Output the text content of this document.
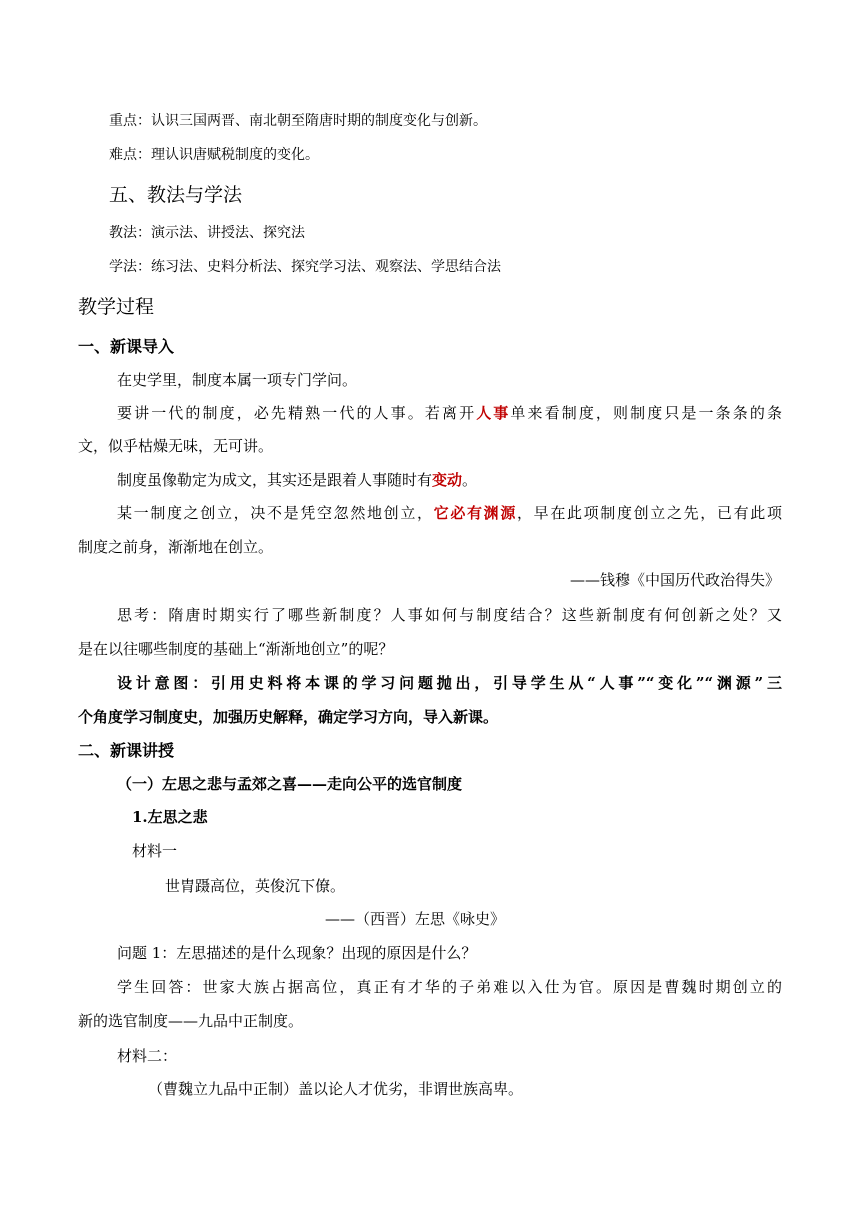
重点：认识三国两晋、南北朝至隋唐时期的制度变化与创新。
难点：理认识唐赋税制度的变化。
五、教法与学法
教法：演示法、讲授法、探究法
学法：练习法、史料分析法、探究学习法、观察法、学思结合法
教学过程
一、新课导入
在史学里，制度本属一项专门学问。
要讲一代的制度，必先精熟一代的人事。若离开人事单来看制度，则制度只是一条条的条
文，似乎枯燥无味，无可讲。
制度虽像勒定为成文，其实还是跟着人事随时有变动。
某一制度之创立，决不是凭空忽然地创立，它必有渊源，早在此项制度创立之先，已有此项
制度之前身，渐渐地在创立。
——钱穆《中国历代政治得失》
思考：隋唐时期实行了哪些新制度？人事如何与制度结合？这些新制度有何创新之处？又
是在以往哪些制度的基础上“渐渐地创立”的呢？
设计意图：引用史料将本课的学习问题抛出，引导学生从“人事”“变化”“渊源”三
个角度学习制度史，加强历史解释，确定学习方向，导入新课。
二、新课讲授
（一）左思之悲与孟郊之喜——走向公平的选官制度
1.左思之悲
材料一
世胄蹑高位，英俊沉下僚。
——（西晋）左思《咏史》
问题 1：左思描述的是什么现象？出现的原因是什么？
学生回答：世家大族占据高位，真正有才华的子弟难以入仕为官。原因是曹魏时期创立的
新的选官制度——九品中正制度。
材料二：
（曹魏立九品中正制）盖以论人才优劣，非谓世族高卑。
